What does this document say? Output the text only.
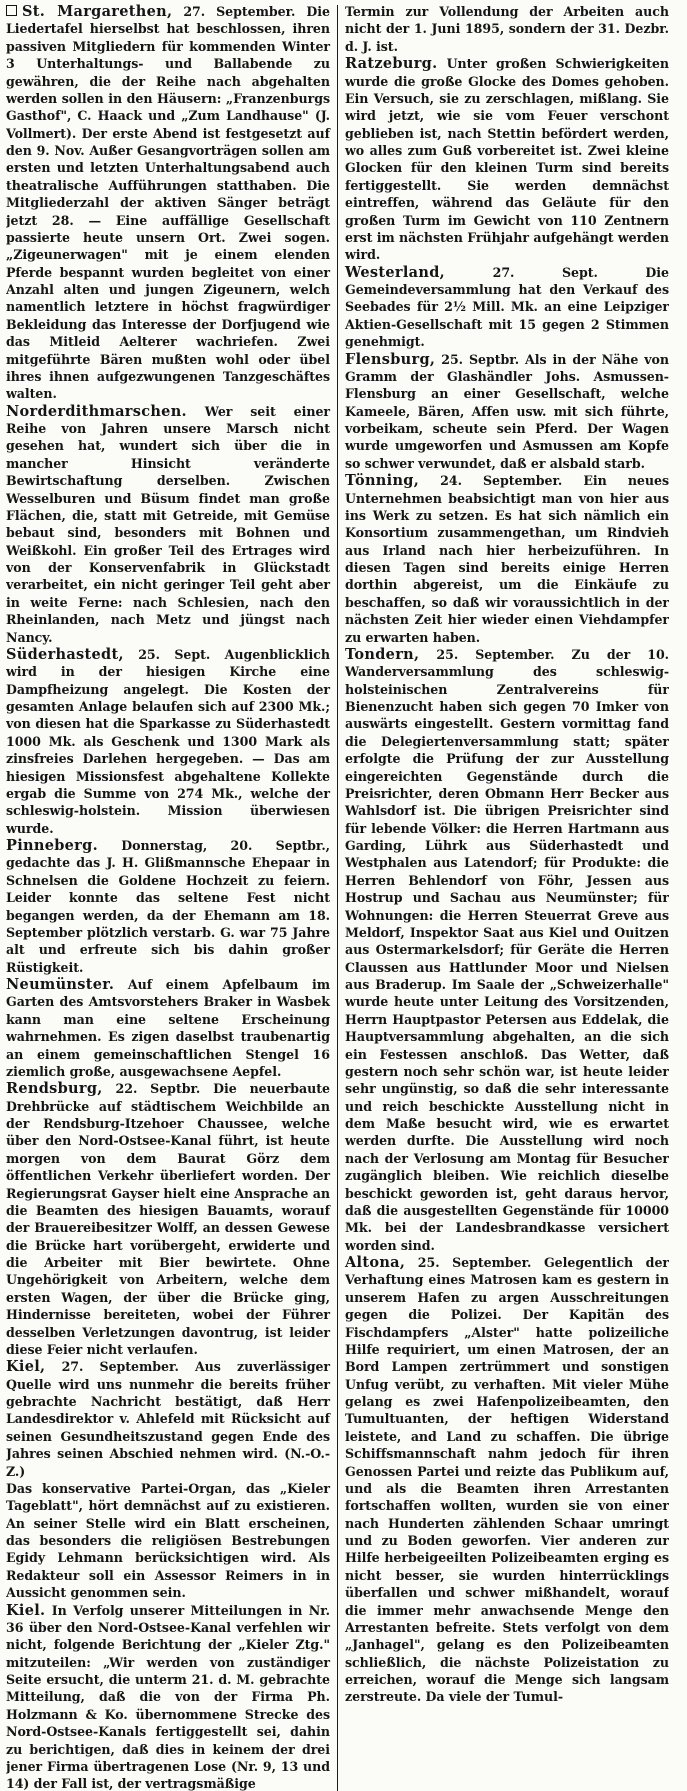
St. Margarethen, 27. September. Die Liedertafel hierselbst hat beschlossen, ihren passiven Mitgliedern für kommenden Winter 3 Unterhaltungs- und Ballabende zu gewähren, die der Reihe nach abgehalten werden sollen in den Häusern: „Franzenburgs Gasthof", C. Haack und „Zum Landhause" (J. Vollmert). Der erste Abend ist festgesetzt auf den 9. Nov. Außer Gesangvorträgen sollen am ersten und letzten Unterhaltungsabend auch theatralische Aufführungen statthaben. Die Mitgliederzahl der aktiven Sänger beträgt jetzt 28. — Eine auffällige Gesellschaft passierte heute unsern Ort. Zwei sogen. „Zigeunerwagen" mit je einem elenden Pferde bespannt wurden begleitet von einer Anzahl alten und jungen Zigeunern, welch namentlich letztere in höchst fragwürdiger Bekleidung das Interesse der Dorfjugend wie das Mitleid Aelterer wachriefen. Zwei mitgeführte Bären mußten wohl oder übel ihres ihnen aufgezwungenen Tanzgeschäftes walten.

Norderdithmarschen. Wer seit einer Reihe von Jahren unsere Marsch nicht gesehen hat, wundert sich über die in mancher Hinsicht veränderte Bewirtschaftung derselben. Zwischen Wesselburen und Büsum findet man große Flächen, die, statt mit Getreide, mit Gemüse bebaut sind, besonders mit Bohnen und Weißkohl. Ein großer Teil des Ertrages wird von der Konservenfabrik in Glückstadt verarbeitet, ein nicht geringer Teil geht aber in weite Ferne: nach Schlesien, nach den Rheinlanden, nach Metz und jüngst nach Nancy.

Süderhastedt, 25. Sept. Augenblicklich wird in der hiesigen Kirche eine Dampfheizung angelegt. Die Kosten der gesamten Anlage belaufen sich auf 2300 Mk.; von diesen hat die Sparkasse zu Süderhastedt 1000 Mk. als Geschenk und 1300 Mark als zinsfreies Darlehen hergegeben. — Das am hiesigen Missionsfest abgehaltene Kollekte ergab die Summe von 274 Mk., welche der schleswig-holstein. Mission überwiesen wurde.

Pinneberg. Donnerstag, 20. Septbr., gedachte das J. H. Glißmannsche Ehepaar in Schnelsen die Goldene Hochzeit zu feiern. Leider konnte das seltene Fest nicht begangen werden, da der Ehemann am 18. September plötzlich verstarb. G. war 75 Jahre alt und erfreute sich bis dahin großer Rüstigkeit.

Neumünster. Auf einem Apfelbaum im Garten des Amtsvorstehers Braker in Wasbek kann man eine seltene Erscheinung wahrnehmen. Es zigen daselbst traubenartig an einem gemeinschaftlichen Stengel 16 ziemlich große, ausgewachsene Aepfel.

Rendsburg, 22. Septbr. Die neuerbaute Drehbrücke auf städtischem Weichbilde an der Rendsburg-Itzehoer Chaussee, welche über den Nord-Ostsee-Kanal führt, ist heute morgen von dem Baurat Görz dem öffentlichen Verkehr überliefert worden. Der Regierungsrat Gayser hielt eine Ansprache an die Beamten des hiesigen Bauamts, worauf der Brauereibesitzer Wolff, an dessen Gewese die Brücke hart vorübergeht, erwiderte und die Arbeiter mit Bier bewirtete. Ohne Ungehörigkeit von Arbeitern, welche dem ersten Wagen, der über die Brücke ging, Hindernisse bereiteten, wobei der Führer desselben Verletzungen davontrug, ist leider diese Feier nicht verlaufen.

Kiel, 27. September. Aus zuverlässiger Quelle wird uns nunmehr die bereits früher gebrachte Nachricht bestätigt, daß Herr Landesdirektor v. Ahlefeld mit Rücksicht auf seinen Gesundheitszustand gegen Ende des Jahres seinen Abschied nehmen wird. (N.-O.-Z.)

Das konservative Partei-Organ, das „Kieler Tageblatt", hört demnächst auf zu existieren. An seiner Stelle wird ein Blatt erscheinen, das besonders die religiösen Bestrebungen Egidy Lehmann berücksichtigen wird. Als Redakteur soll ein Assessor Reimers in in Aussicht genommen sein.

Kiel. In Verfolg unserer Mitteilungen in Nr. 36 über den Nord-Ostsee-Kanal verfehlen wir nicht, folgende Berichtung der „Kieler Ztg." mitzuteilen: „Wir werden von zuständiger Seite ersucht, die unterm 21. d. M. gebrachte Mitteilung, daß die von der Firma Ph. Holzmann & Ko. übernommene Strecke des Nord-Ostsee-Kanals fertiggestellt sei, dahin zu berichtigen, daß dies in keinem der drei jener Firma übertragenen Lose (Nr. 9, 13 und 14) der Fall ist, der vertragsmäßige

Termin zur Vollendung der Arbeiten auch nicht der 1. Juni 1895, sondern der 31. Dezbr. d. J. ist.

Ratzeburg. Unter großen Schwierigkeiten wurde die große Glocke des Domes gehoben. Ein Versuch, sie zu zerschlagen, mißlang. Sie wird jetzt, wie sie vom Feuer verschont geblieben ist, nach Stettin befördert werden, wo alles zum Guß vorbereitet ist. Zwei kleine Glocken für den kleinen Turm sind bereits fertiggestellt. Sie werden demnächst eintreffen, während das Geläute für den großen Turm im Gewicht von 110 Zentnern erst im nächsten Frühjahr aufgehängt werden wird.

Westerland, 27. Sept. Die Gemeindeversammlung hat den Verkauf des Seebades für 2½ Mill. Mk. an eine Leipziger Aktien-Gesellschaft mit 15 gegen 2 Stimmen genehmigt.

Flensburg, 25. Septbr. Als in der Nähe von Gramm der Glashändler Johs. Asmussen-Flensburg an einer Gesellschaft, welche Kameele, Bären, Affen usw. mit sich führte, vorbeikam, scheute sein Pferd. Der Wagen wurde umgeworfen und Asmussen am Kopfe so schwer verwundet, daß er alsbald starb.

Tönning, 24. September. Ein neues Unternehmen beabsichtigt man von hier aus ins Werk zu setzen. Es hat sich nämlich ein Konsortium zusammengethan, um Rindvieh aus Irland nach hier herbeizuführen. In diesen Tagen sind bereits einige Herren dorthin abgereist, um die Einkäufe zu beschaffen, so daß wir voraussichtlich in der nächsten Zeit hier wieder einen Viehdampfer zu erwarten haben.

Tondern, 25. September. Zu der 10. Wanderversammlung des schleswig-holsteinischen Zentralvereins für Bienenzucht haben sich gegen 70 Imker von auswärts eingestellt. Gestern vormittag fand die Delegiertenversammlung statt; später erfolgte die Prüfung der zur Ausstellung eingereichten Gegenstände durch die Preisrichter, deren Obmann Herr Becker aus Wahlsdorf ist. Die übrigen Preisrichter sind für lebende Völker: die Herren Hartmann aus Garding, Lührk aus Süderhastedt und Westphalen aus Latendorf; für Produkte: die Herren Behlendorf von Föhr, Jessen aus Hostrup und Sachau aus Neumünster; für Wohnungen: die Herren Steuerrat Greve aus Meldorf, Inspektor Saat aus Kiel und Ouitzen aus Ostermarkelsdorf; für Geräte die Herren Claussen aus Hattlunder Moor und Nielsen aus Braderup. Im Saale der „Schweizerhalle" wurde heute unter Leitung des Vorsitzenden, Herrn Hauptpastor Petersen aus Eddelak, die Hauptversammlung abgehalten, an die sich ein Festessen anschloß. Das Wetter, daß gestern noch sehr schön war, ist heute leider sehr ungünstig, so daß die sehr interessante und reich beschickte Ausstellung nicht in dem Maße besucht wird, wie es erwartet werden durfte. Die Ausstellung wird noch nach der Verlosung am Montag für Besucher zugänglich bleiben. Wie reichlich dieselbe beschickt geworden ist, geht daraus hervor, daß die ausgestellten Gegenstände für 10000 Mk. bei der Landesbrandkasse versichert worden sind.

Altona, 25. September. Gelegentlich der Verhaftung eines Matrosen kam es gestern in unserem Hafen zu argen Ausschreitungen gegen die Polizei. Der Kapitän des Fischdampfers „Alster" hatte polizeiliche Hilfe requiriert, um einen Matrosen, der an Bord Lampen zertrümmert und sonstigen Unfug verübt, zu verhaften. Mit vieler Mühe gelang es zwei Hafenpolizeibeamten, den Tumultuanten, der heftigen Widerstand leistete, and Land zu schaffen. Die übrige Schiffsmannschaft nahm jedoch für ihren Genossen Partei und reizte das Publikum auf, und als die Beamten ihren Arrestanten fortschaffen wollten, wurden sie von einer nach Hunderten zählenden Schaar umringt und zu Boden geworfen. Vier anderen zur Hilfe herbeigeeilten Polizeibeamten erging es nicht besser, sie wurden hinterrücklings überfallen und schwer mißhandelt, worauf die immer mehr anwachsende Menge den Arrestanten befreite. Stets verfolgt von dem „Janhagel", gelang es den Polizeibeamten schließlich, die nächste Polizeistation zu erreichen, worauf die Menge sich langsam zerstreute. Da viele der Tumul-
